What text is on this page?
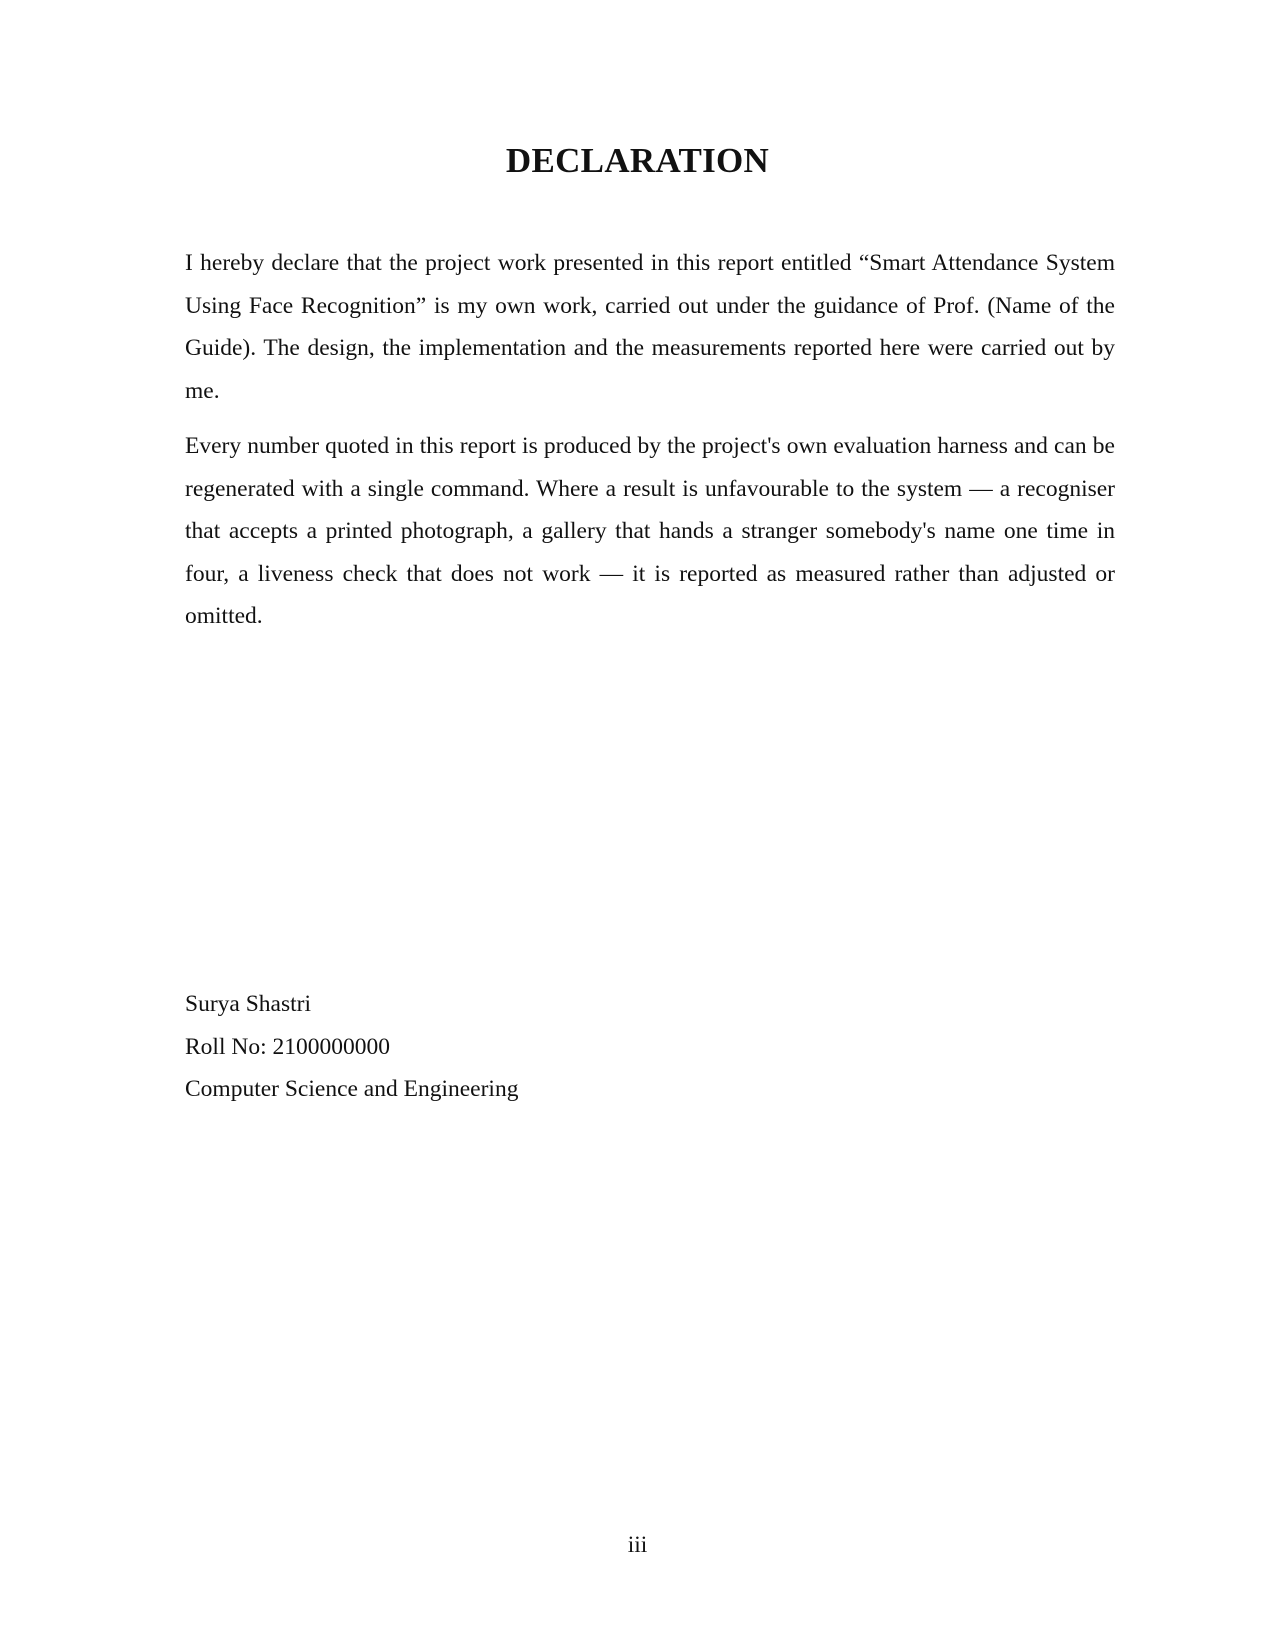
DECLARATION

I hereby declare that the project work presented in this report entitled “Smart Attendance System Using Face Recognition” is my own work, carried out under the guidance of Prof. (Name of the Guide). The design, the implementation and the measurements reported here were carried out by me.

Every number quoted in this report is produced by the project's own evaluation harness and can be regenerated with a single command. Where a result is unfavourable to the system — a recogniser that accepts a printed photograph, a gallery that hands a stranger somebody's name one time in four, a liveness check that does not work — it is reported as measured rather than adjusted or omitted.

Surya Shastri

Roll No: 2100000000

Computer Science and Engineering

iii
